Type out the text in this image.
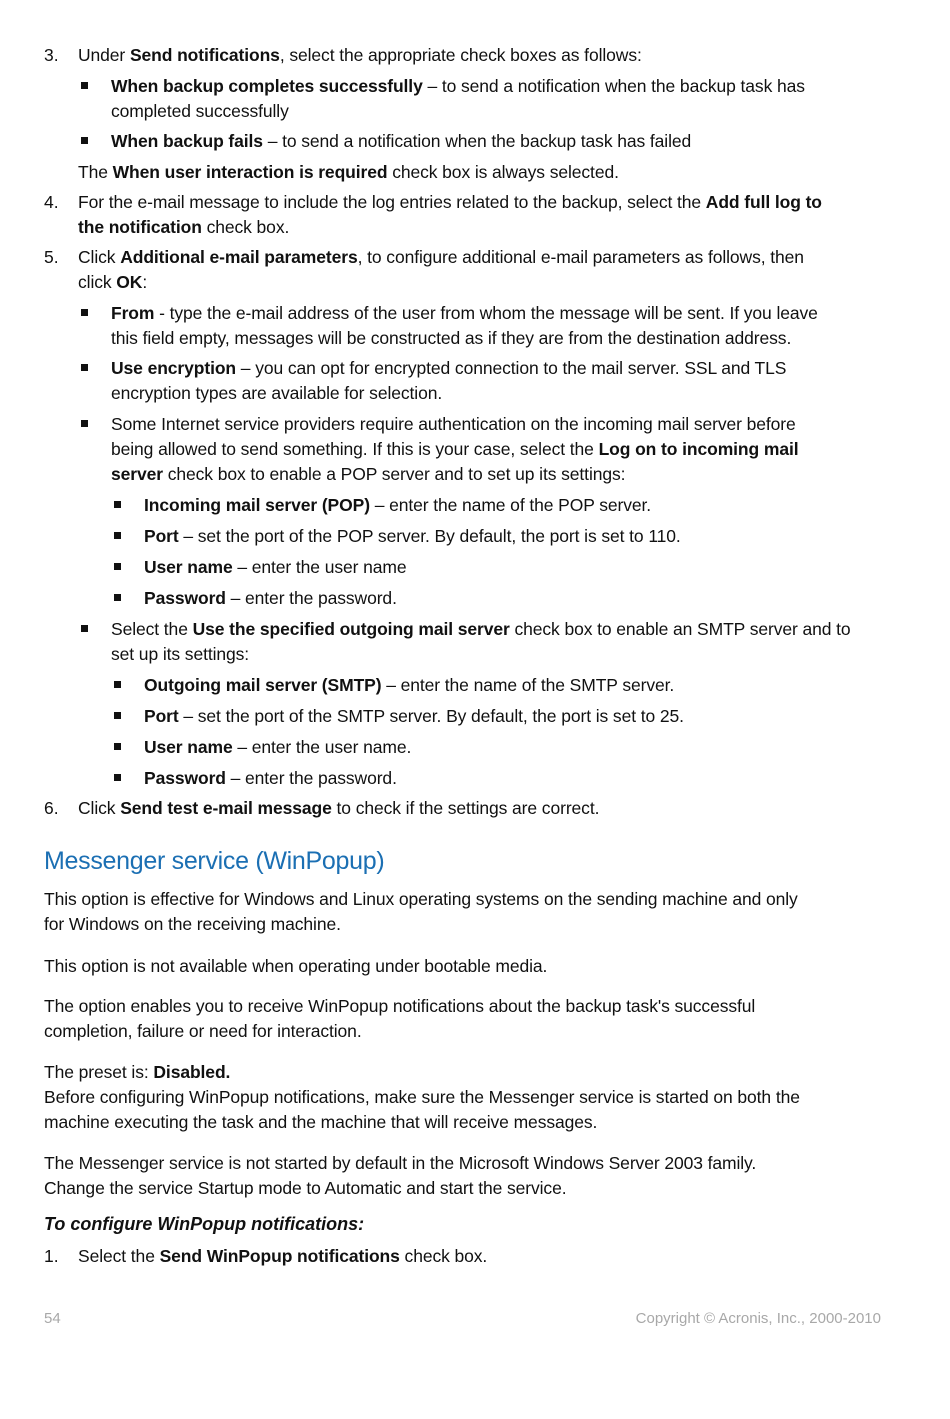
3. Under Send notifications, select the appropriate check boxes as follows:
When backup completes successfully – to send a notification when the backup task has
completed successfully
When backup fails – to send a notification when the backup task has failed
The When user interaction is required check box is always selected.
4. For the e-mail message to include the log entries related to the backup, select the Add full log to
the notification check box.
5. Click Additional e-mail parameters, to configure additional e-mail parameters as follows, then
click OK:
From - type the e-mail address of the user from whom the message will be sent. If you leave
this field empty, messages will be constructed as if they are from the destination address.
Use encryption – you can opt for encrypted connection to the mail server. SSL and TLS
encryption types are available for selection.
Some Internet service providers require authentication on the incoming mail server before
being allowed to send something. If this is your case, select the Log on to incoming mail
server check box to enable a POP server and to set up its settings:
Incoming mail server (POP) – enter the name of the POP server.
Port – set the port of the POP server. By default, the port is set to 110.
User name – enter the user name
Password – enter the password.
Select the Use the specified outgoing mail server check box to enable an SMTP server and to
set up its settings:
Outgoing mail server (SMTP) – enter the name of the SMTP server.
Port – set the port of the SMTP server. By default, the port is set to 25.
User name – enter the user name.
Password – enter the password.
6. Click Send test e-mail message to check if the settings are correct.
Messenger service (WinPopup)
This option is effective for Windows and Linux operating systems on the sending machine and only
for Windows on the receiving machine.
This option is not available when operating under bootable media.
The option enables you to receive WinPopup notifications about the backup task's successful
completion, failure or need for interaction.
The preset is: Disabled.
Before configuring WinPopup notifications, make sure the Messenger service is started on both the
machine executing the task and the machine that will receive messages.
The Messenger service is not started by default in the Microsoft Windows Server 2003 family.
Change the service Startup mode to Automatic and start the service.
To configure WinPopup notifications:
1. Select the Send WinPopup notifications check box.
54	Copyright © Acronis, Inc., 2000-2010
